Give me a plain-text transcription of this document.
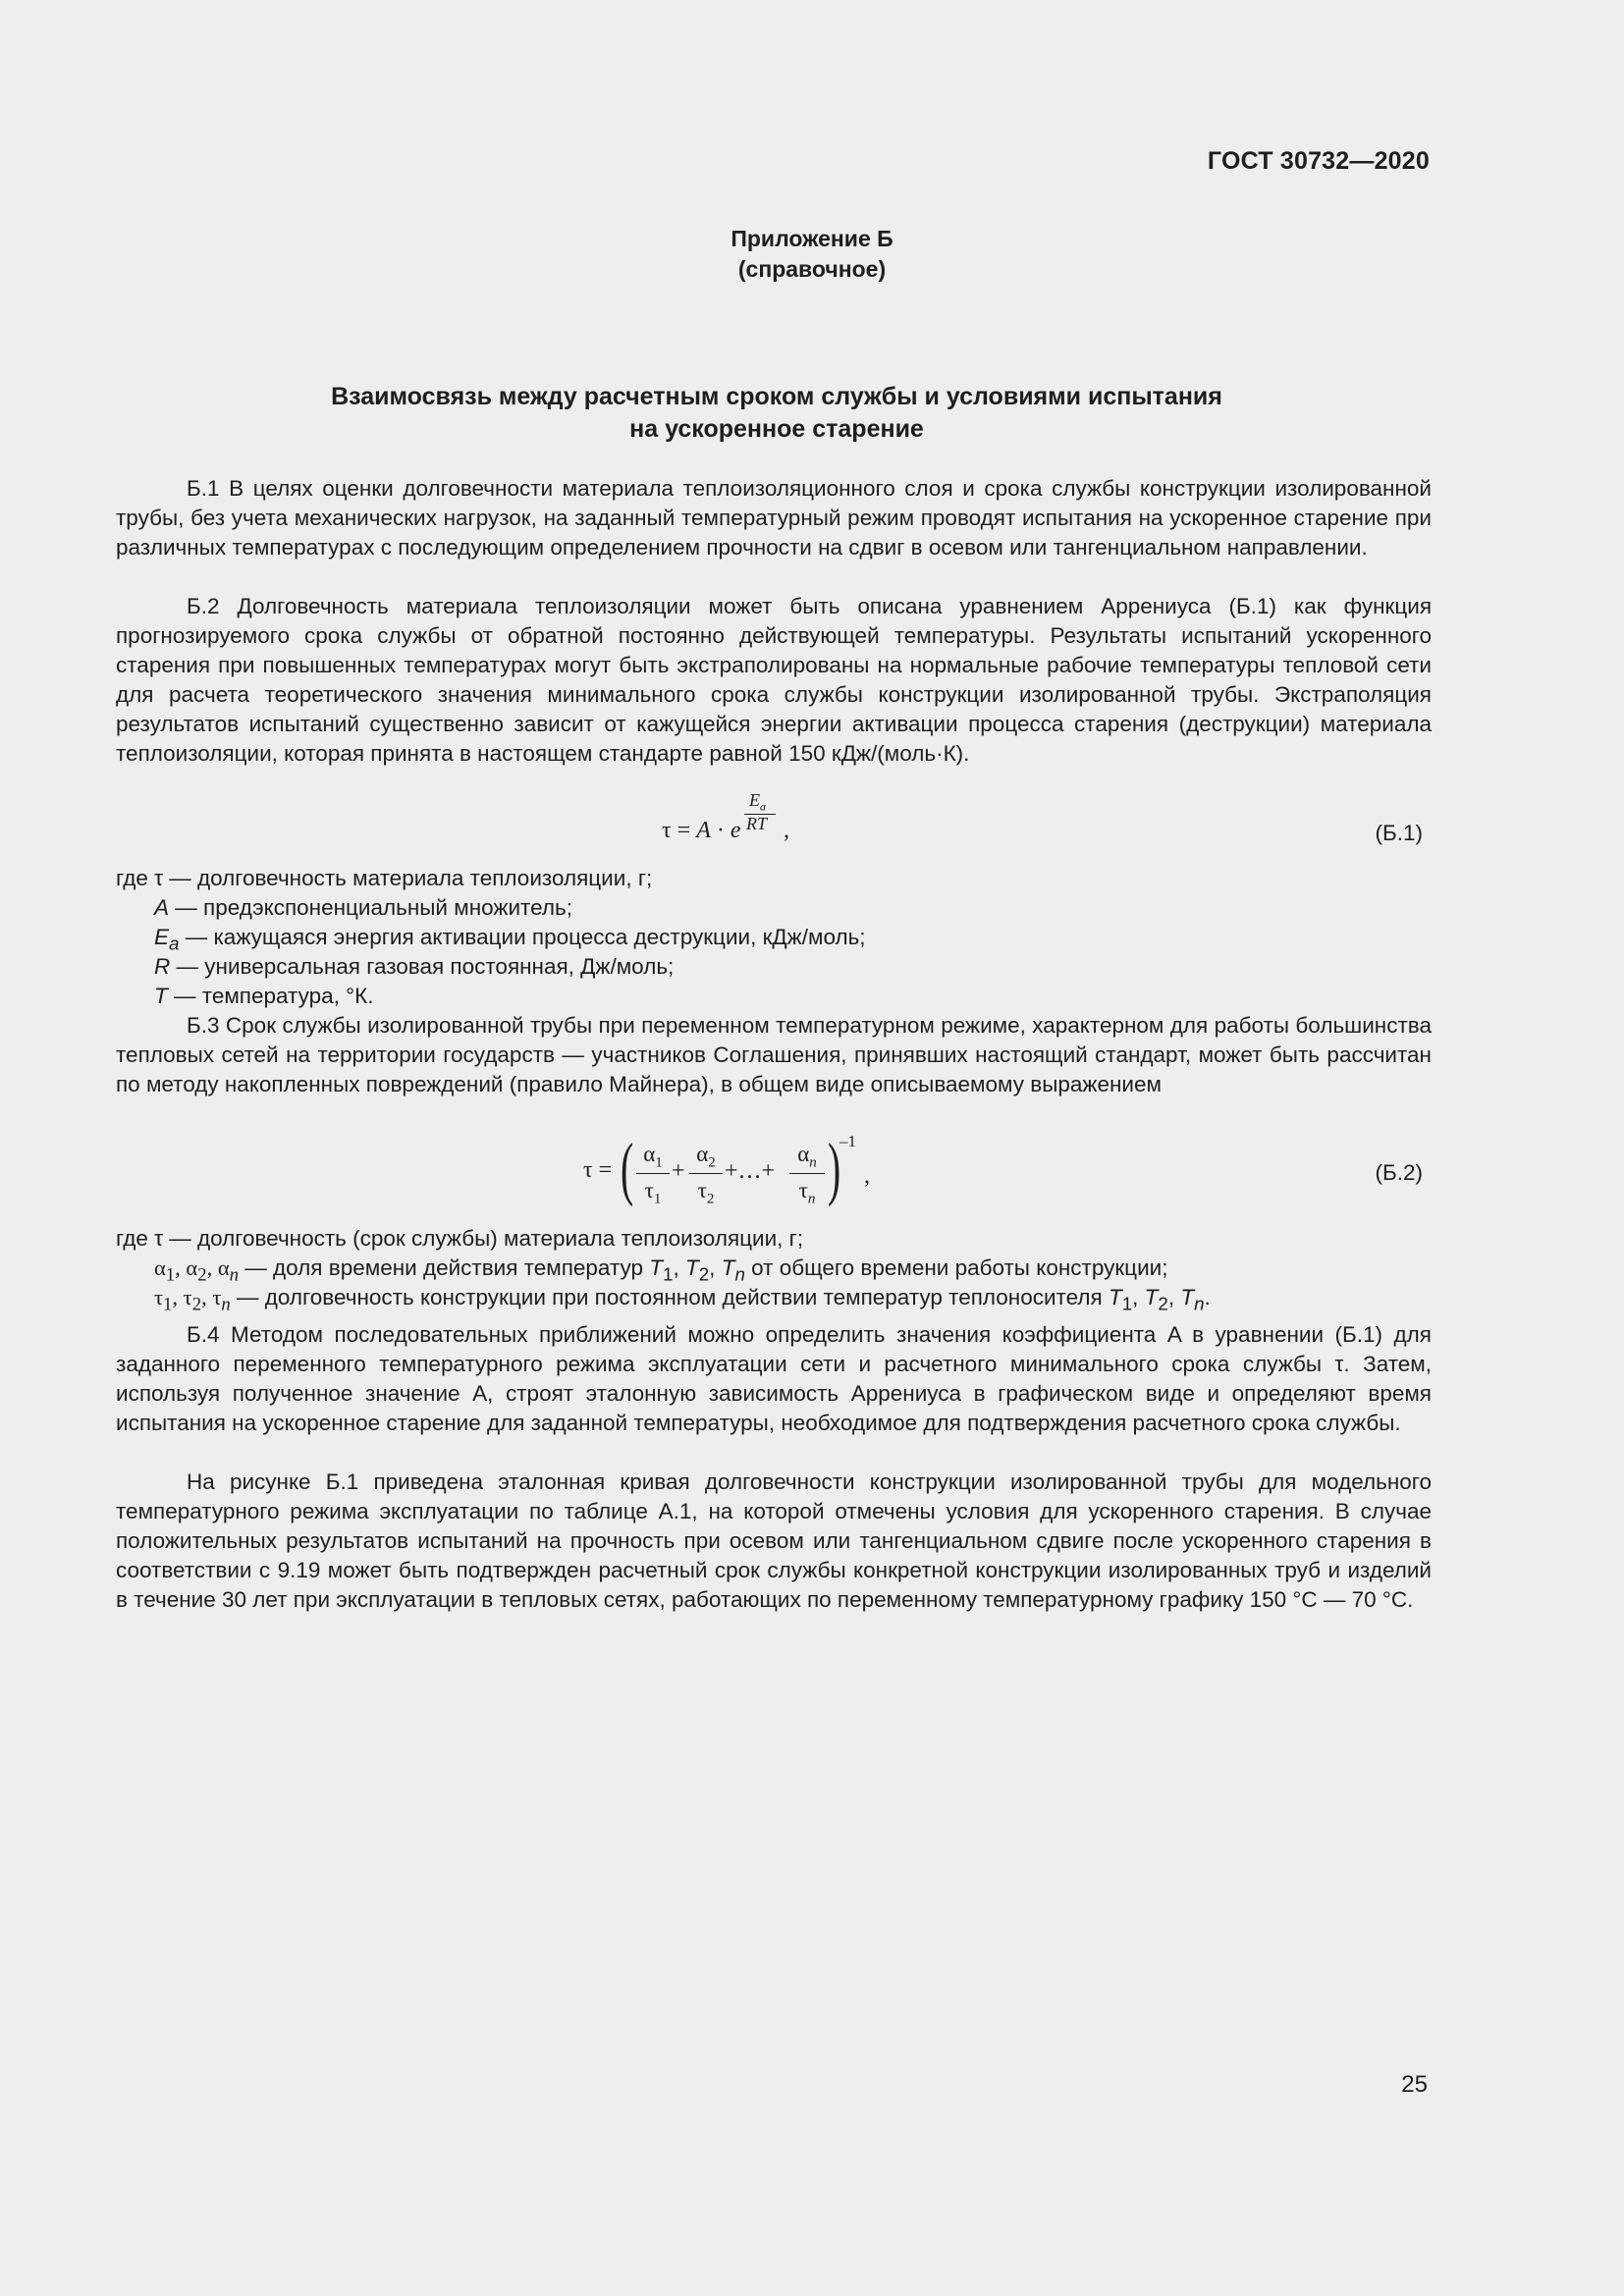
ГОСТ 30732—2020
Приложение Б
(справочное)
Взаимосвязь между расчетным сроком службы и условиями испытания
на ускоренное старение

Б.1 В целях оценки долговечности материала теплоизоляционного слоя и срока службы конструкции изолированной трубы, без учета механических нагрузок, на заданный температурный режим проводят испытания на ускоренное старение при различных температурах с последующим определением прочности на сдвиг в осевом или тангенциальном направлении.

Б.2 Долговечность материала теплоизоляции может быть описана уравнением Аррениуса (Б.1) как функция прогнозируемого срока службы от обратной постоянно действующей температуры. Результаты испытаний ускоренного старения при повышенных температурах могут быть экстраполированы на нормальные рабочие температуры тепловой сети для расчета теоретического значения минимального срока службы конструкции изолированной трубы. Экстраполяция результатов испытаний существенно зависит от кажущейся энергии активации процесса старения (деструкции) материала теплоизоляции, которая принята в настоящем стандарте равной 150 кДж/(моль·К).

τ = A · e
$E_a$
RT ,	(Б.1)

где τ — долговечность материала теплоизоляции, г;

A — предэкспоненциальный множитель;

$E_a$ — кажущаяся энергия активации процесса деструкции, кДж/моль;

R — универсальная газовая постоянная, Дж/моль;

T — температура, °К.

Б.3 Срок службы изолированной трубы при переменном температурном режиме, характерном для работы большинства тепловых сетей на территории государств — участников Соглашения, принявших настоящий стандарт, может быть рассчитан по методу накопленных повреждений (правило Майнера), в общем виде описываемому выражением

τ = ( $\alpha_1$
$\tau_1$
+
$\alpha_2$
$\tau_2$
+…+
$\alpha_n$
$\tau_n$ )
–1
,	(Б.2)

где τ — долговечность (срок службы) материала теплоизоляции, г;

$\alpha_1$, $\alpha_2$, $\alpha_n$ — доля времени действия температур $T_1$, $T_2$, $T_n$ от общего времени работы конструкции;

$\tau_1$, $\tau_2$, $\tau_n$ — долговечность конструкции при постоянном действии температур теплоносителя $T_1$, $T_2$, $T_n$.

Б.4 Методом последовательных приближений можно определить значения коэффициента A в уравнении (Б.1) для заданного переменного температурного режима эксплуатации сети и расчетного минимального срока службы τ. Затем, используя полученное значение A, строят эталонную зависимость Аррениуса в графическом виде и определяют время испытания на ускоренное старение для заданной температуры, необходимое для подтверждения расчетного срока службы.

На рисунке Б.1 приведена эталонная кривая долговечности конструкции изолированной трубы для модельного температурного режима эксплуатации по таблице А.1, на которой отмечены условия для ускоренного старения. В случае положительных результатов испытаний на прочность при осевом или тангенциальном сдвиге после ускоренного старения в соответствии с 9.19 может быть подтвержден расчетный срок службы конкретной конструкции изолированных труб и изделий в течение 30 лет при эксплуатации в тепловых сетях, работающих по переменному температурному графику 150 °С — 70 °С.

25
